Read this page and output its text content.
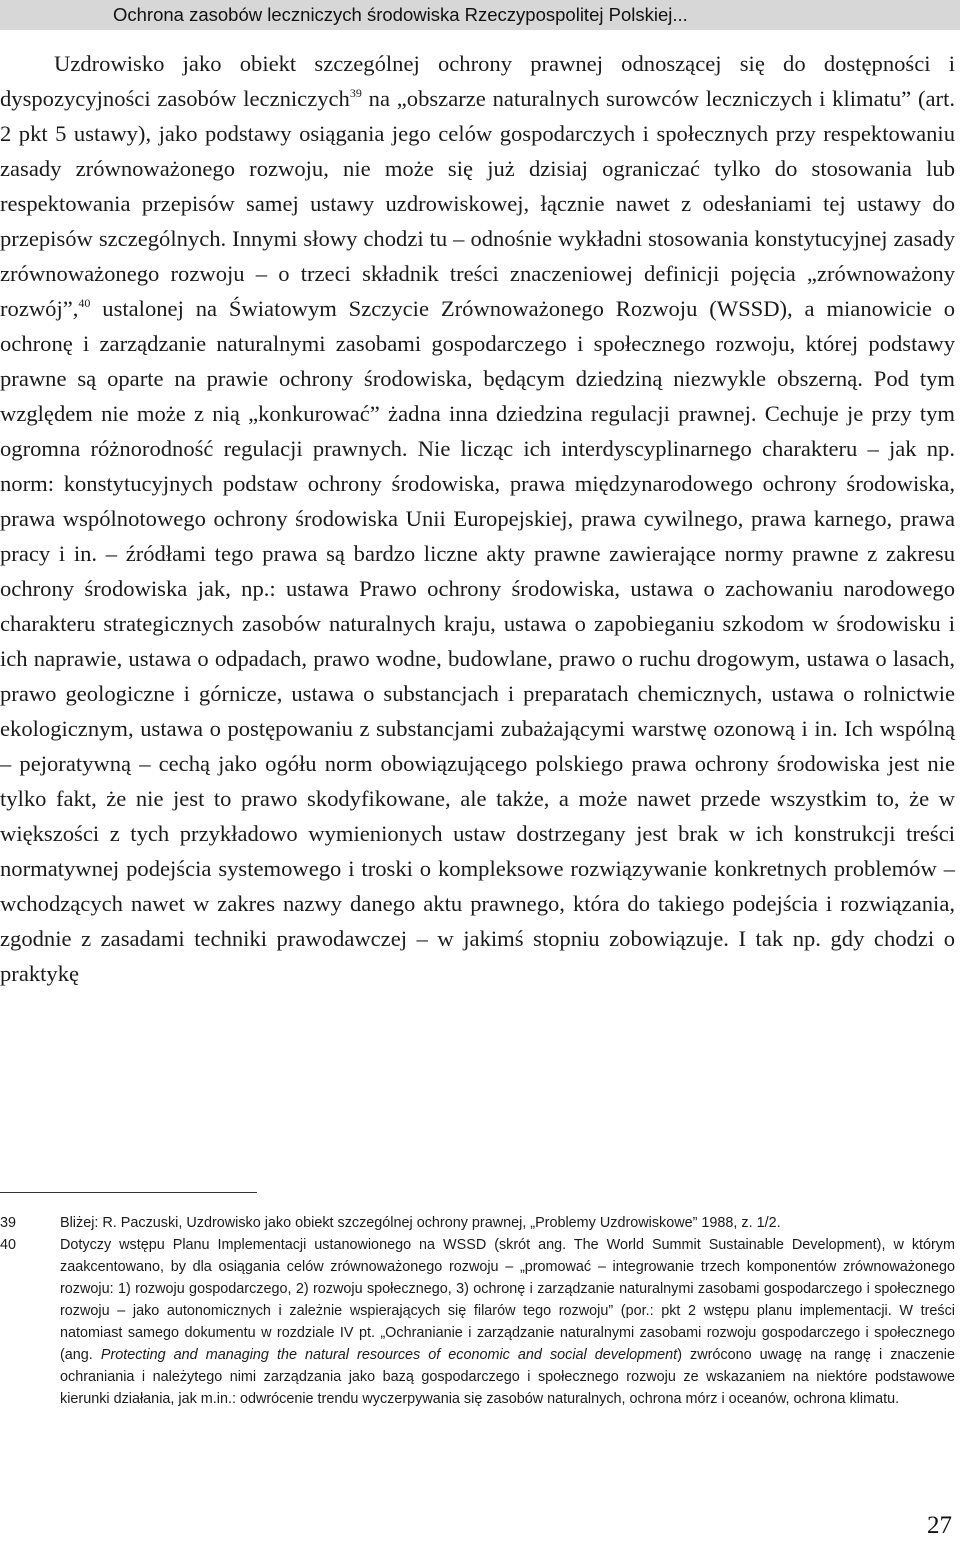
Ochrona zasobów leczniczych środowiska Rzeczypospolitej Polskiej...

Uzdrowisko jako obiekt szczególnej ochrony prawnej odnoszącej się do dostępności i dyspozycyjności zasobów leczniczych$^{39}$ na „obszarze naturalnych surowców leczniczych i klimatu” (art. 2 pkt 5 ustawy), jako podstawy osiągania jego celów gospodarczych i społecznych przy respektowaniu zasady zrównoważonego rozwoju, nie może się już dzisiaj ograniczać tylko do stosowania lub respektowania przepisów samej ustawy uzdrowiskowej, łącznie nawet z odesłaniami tej ustawy do przepisów szczególnych. Innymi słowy chodzi tu – odnośnie wykładni stosowania konstytucyjnej zasady zrównoważonego rozwoju – o trzeci składnik treści znaczeniowej definicji pojęcia „zrównoważony rozwój”,$^{40}$ ustalonej na Światowym Szczycie Zrównoważonego Rozwoju (WSSD), a mianowicie o ochronę i zarządzanie naturalnymi zasobami gospodarczego i społecznego rozwoju, której podstawy prawne są oparte na prawie ochrony środowiska, będącym dziedziną niezwykle obszerną. Pod tym względem nie może z nią „konkurować” żadna inna dziedzina regulacji prawnej. Cechuje je przy tym ogromna różnorodność regulacji prawnych. Nie licząc ich interdyscyplinarnego charakteru – jak np. norm: konstytucyjnych podstaw ochrony środowiska, prawa międzynarodowego ochrony środowiska, prawa wspólnotowego ochrony środowiska Unii Europejskiej, prawa cywilnego, prawa karnego, prawa pracy i in. – źródłami tego prawa są bardzo liczne akty prawne zawierające normy prawne z zakresu ochrony środowiska jak, np.: ustawa Prawo ochrony środowiska, ustawa o zachowaniu narodowego charakteru strategicznych zasobów naturalnych kraju, ustawa o zapobieganiu szkodom w środowisku i ich naprawie, ustawa o odpadach, prawo wodne, budowlane, prawo o ruchu drogowym, ustawa o lasach, prawo geologiczne i górnicze, ustawa o substancjach i preparatach chemicznych, ustawa o rolnictwie ekologicznym, ustawa o postępowaniu z substancjami zubażającymi warstwę ozonową i in. Ich wspólną – pejoratywną – cechą jako ogółu norm obowiązującego polskiego prawa ochrony środowiska jest nie tylko fakt, że nie jest to prawo skodyfikowane, ale także, a może nawet przede wszystkim to, że w większości z tych przykładowo wymienionych ustaw dostrzegany jest brak w ich konstrukcji treści normatywnej podejścia systemowego i troski o kompleksowe rozwiązywanie konkretnych problemów – wchodzących nawet w zakres nazwy danego aktu prawnego, która do takiego podejścia i rozwiązania, zgodnie z zasadami techniki prawodawczej – w jakimś stopniu zobowiązuje. I tak np. gdy chodzi o praktykę

39	Bliżej: R. Paczuski, Uzdrowisko jako obiekt szczególnej ochrony prawnej, „Problemy Uzdrowiskowe” 1988, z. 1/2.
40	Dotyczy wstępu Planu Implementacji ustanowionego na WSSD (skrót ang. The World Summit Sustainable Development), w którym zaakcentowano, by dla osiągania celów zrównoważonego rozwoju – „promować – integrowanie trzech komponentów zrównoważonego rozwoju: 1) rozwoju gospodarczego, 2) rozwoju społecznego, 3) ochronę i zarządzanie naturalnymi zasobami gospodarczego i społecznego rozwoju – jako autonomicznych i zależnie wspierających się filarów tego rozwoju” (por.: pkt 2 wstępu planu implementacji. W treści natomiast samego dokumentu w rozdziale IV pt. „Ochranianie i zarządzanie naturalnymi zasobami rozwoju gospodarczego i społecznego (ang. Protecting and managing the natural resources of economic and social development) zwrócono uwagę na rangę i znaczenie ochraniania i należytego nimi zarządzania jako bazą gospodarczego i społecznego rozwoju ze wskazaniem na niektóre podstawowe kierunki działania, jak m.in.: odwrócenie trendu wyczerpywania się zasobów naturalnych, ochrona mórz i oceanów, ochrona klimatu.
27
